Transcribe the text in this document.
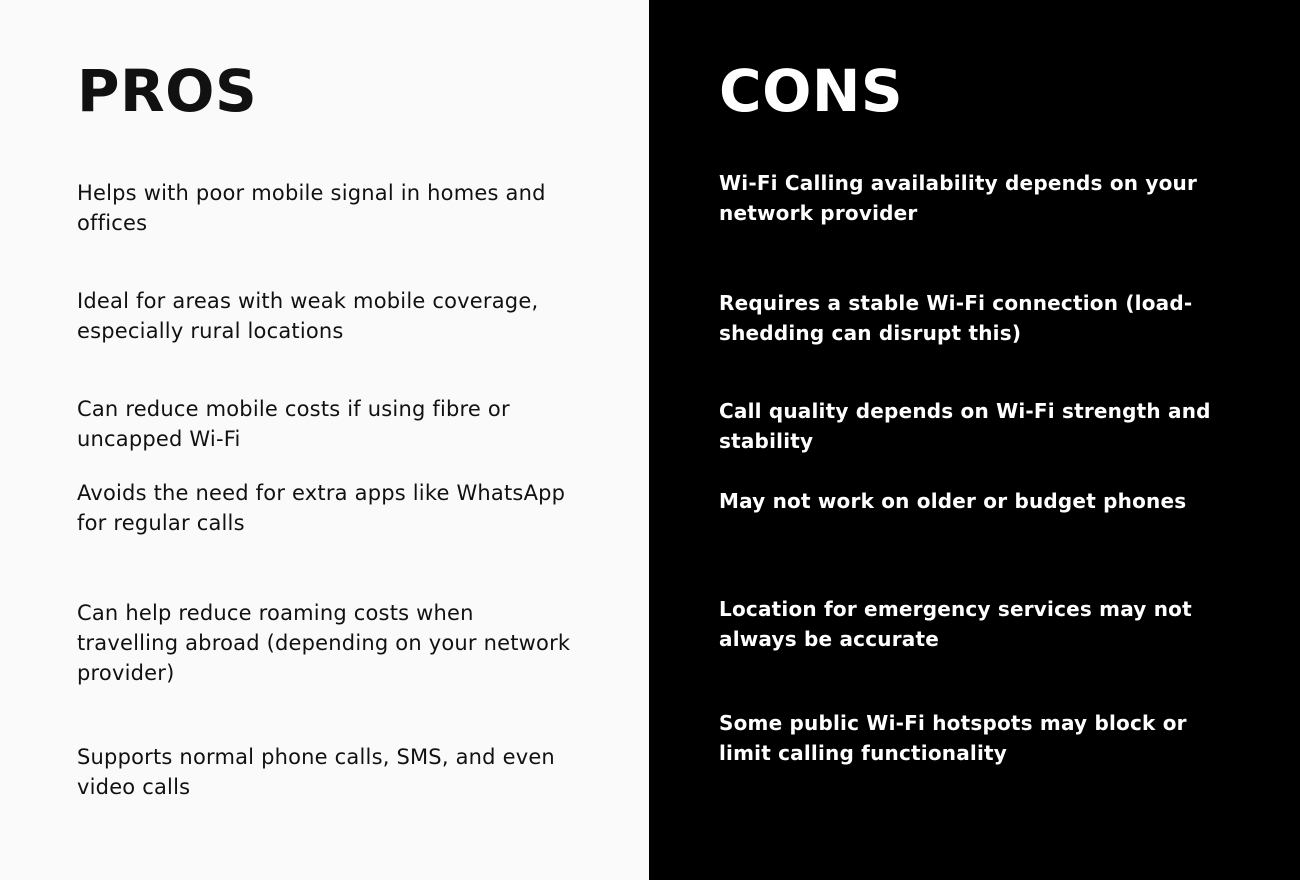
PROS

Helps with poor mobile signal in homes and offices

Ideal for areas with weak mobile coverage, especially rural locations

Can reduce mobile costs if using fibre or uncapped Wi-Fi

Avoids the need for extra apps like WhatsApp for regular calls

Can help reduce roaming costs when travelling abroad (depending on your network provider)

Supports normal phone calls, SMS, and even video calls

CONS

Wi-Fi Calling availability depends on your network provider

Requires a stable Wi-Fi connection (load-shedding can disrupt this)

Call quality depends on Wi-Fi strength and stability

May not work on older or budget phones

Location for emergency services may not always be accurate

Some public Wi-Fi hotspots may block or limit calling functionality
